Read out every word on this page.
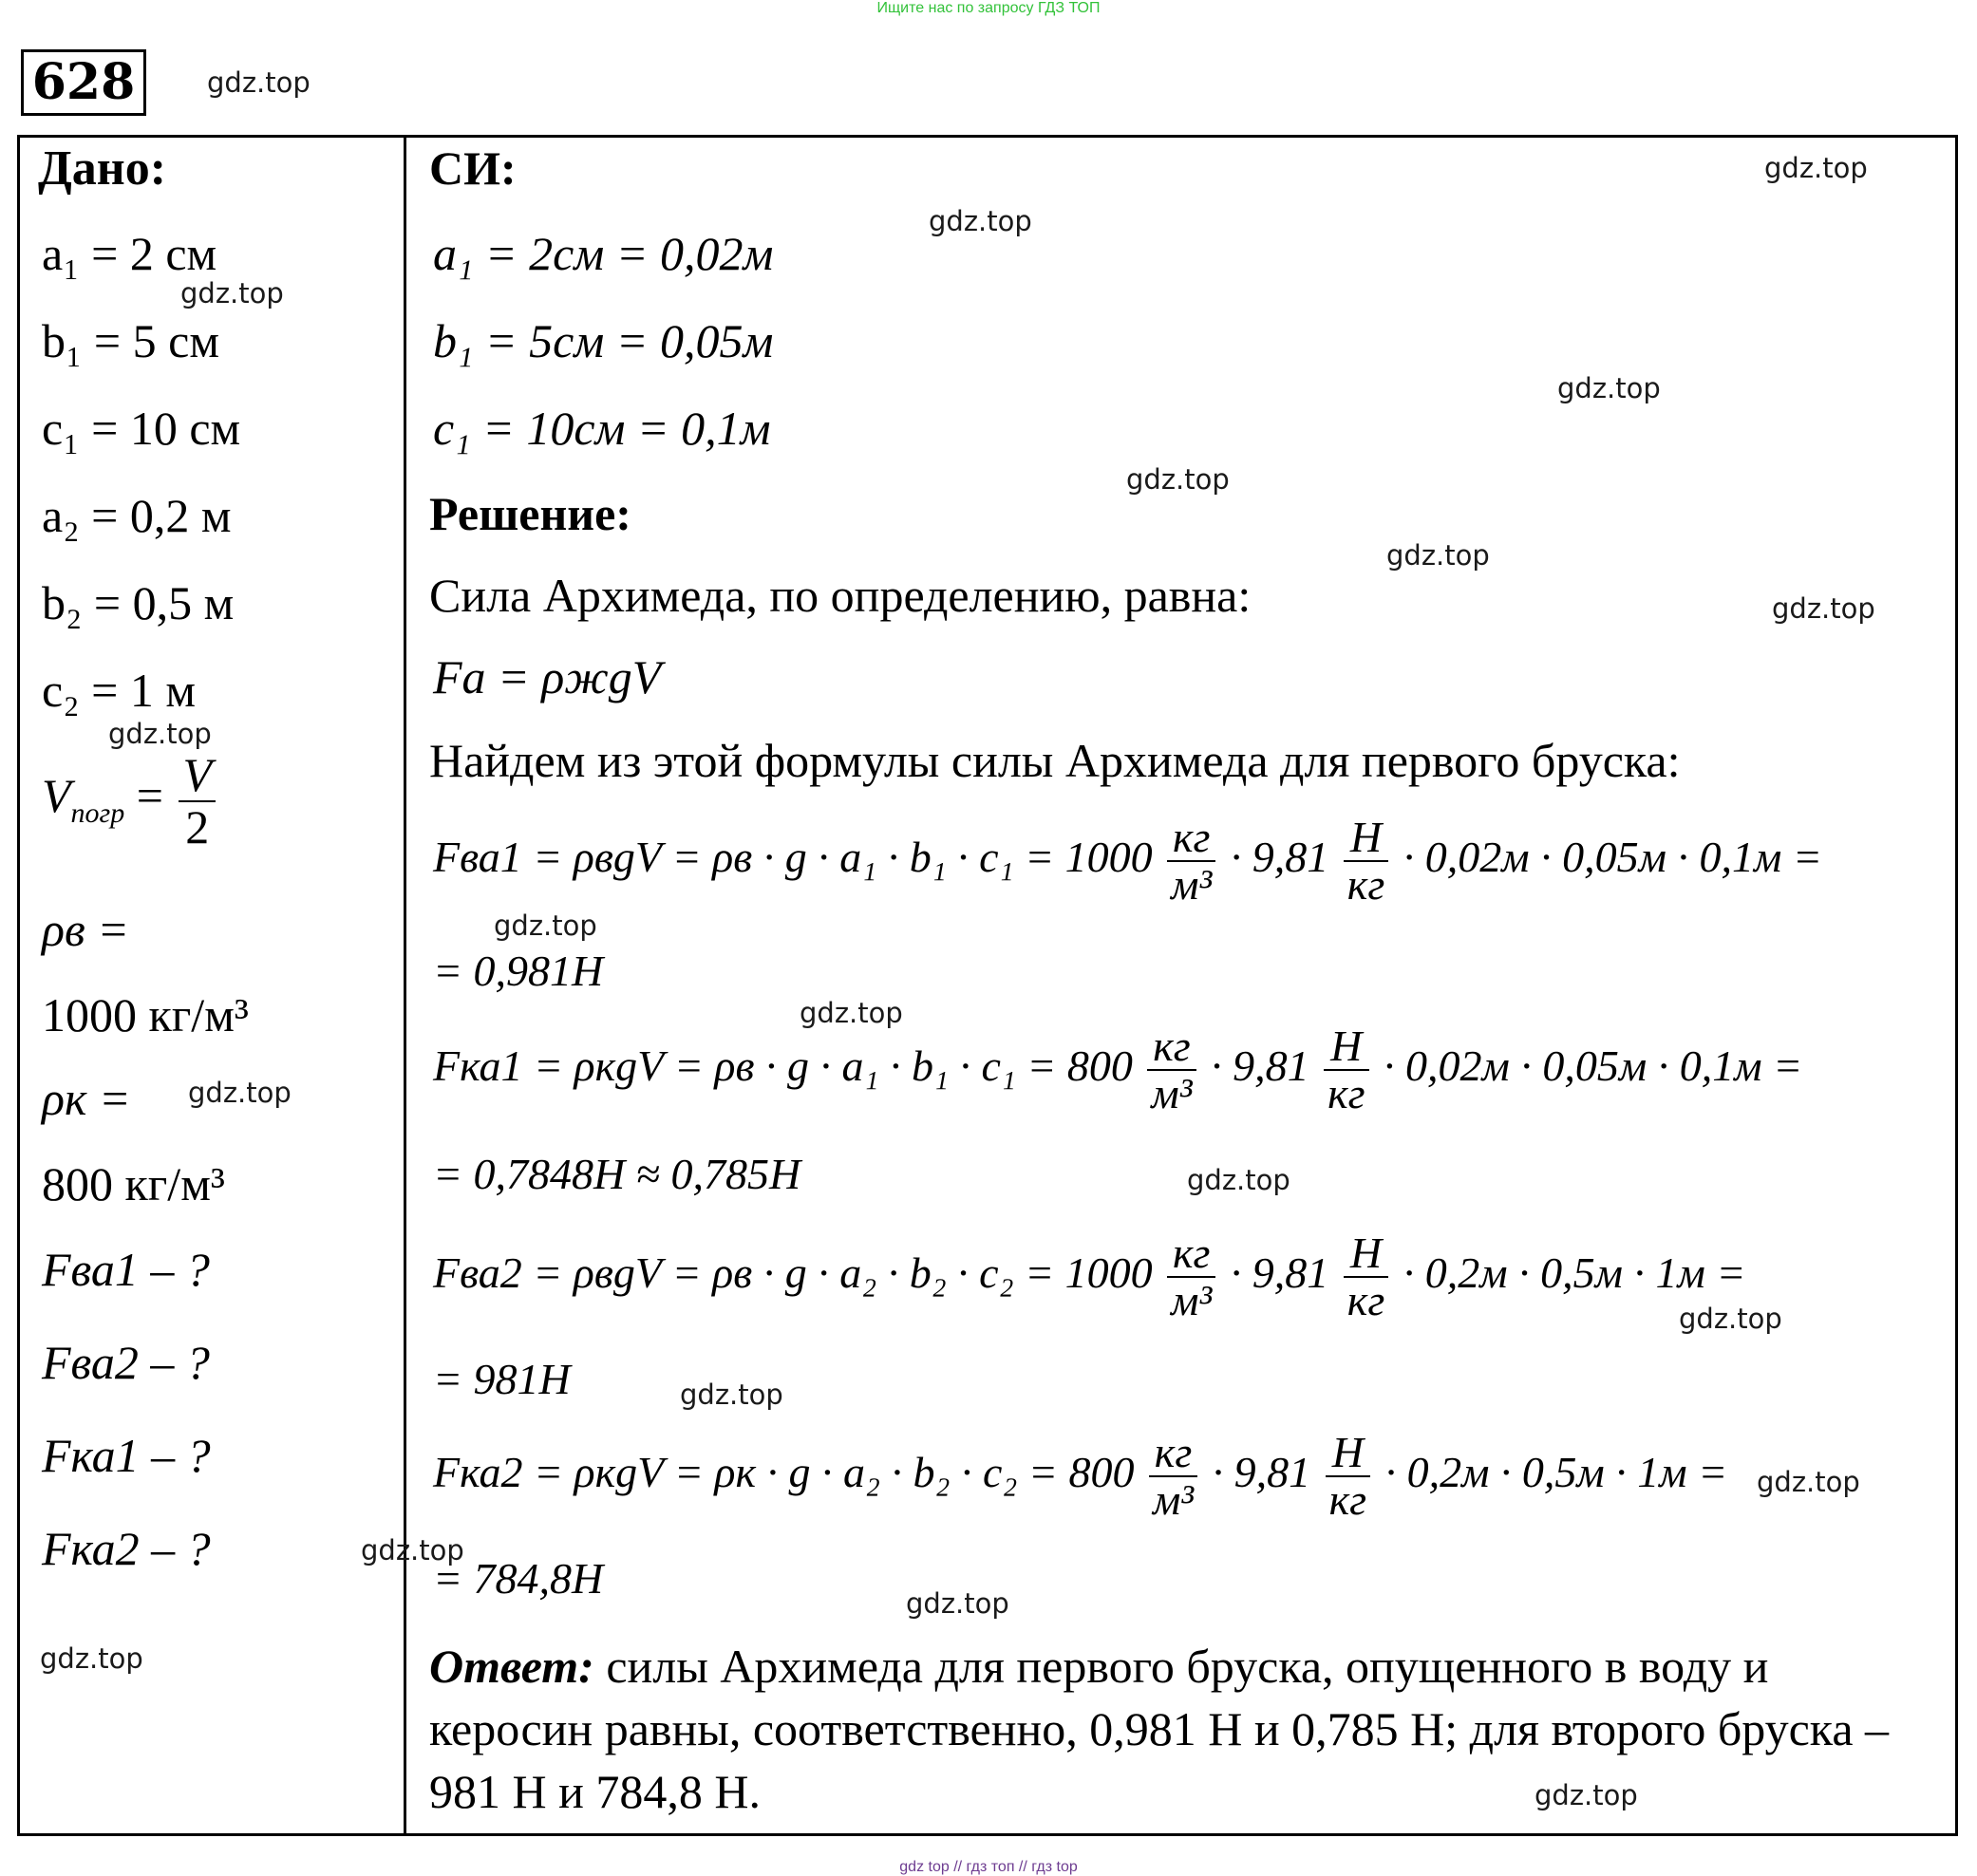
Ищите нас по запросу ГДЗ ТОП
628	gdz.top
Дано:
a₁ = 2 см
b₁ = 5 см
c₁ = 10 см
a₂ = 0,2 м
b₂ = 0,5 м
c₂ = 1 м
$V_{погр} = \frac{V}{2}$
ρв =
1000 кг/м³
ρк =
800 кг/м³
Fва1 – ?
Fва2 – ?
Fка1 – ?
Fка2 – ?
СИ:
a₁ = 2см = 0,02м
b₁ = 5см = 0,05м
c₁ = 10см = 0,1м
Решение:
Сила Архимеда, по определению, равна:
Fа = ρжgV
Найдем из этой формулы силы Архимеда для первого бруска:
$Fва1 = \rho вgV = \rho в \cdot g \cdot a_1 \cdot b_1 \cdot c_1 = 1000 \frac{кг}{\text{м³}} \cdot 9,81 \frac{Н}{кг} \cdot 0,02м \cdot 0,05м \cdot 0,1м$ =
= 0,981Н
$Fка1 = \rho кgV = \rho в \cdot g \cdot a_1 \cdot b_1 \cdot c_1 = 800 \frac{кг}{\text{м³}} \cdot 9,81 \frac{Н}{кг} \cdot 0,02м \cdot 0,05м \cdot 0,1м$ =
= 0,7848Н ≈ 0,785Н
$Fва2 = \rho вgV = \rho в \cdot g \cdot a_2 \cdot b_2 \cdot c_2 = 1000 \frac{кг}{\text{м³}} \cdot 9,81 \frac{Н}{кг} \cdot 0,2м \cdot 0,5м \cdot 1м$ =
= 981Н
$Fка2 = \rho кgV = \rho к \cdot g \cdot a_2 \cdot b_2 \cdot c_2 = 800 \frac{кг}{\text{м³}} \cdot 9,81 \frac{Н}{кг} \cdot 0,2м \cdot 0,5м \cdot 1м$ =
= 784,8Н
Ответ: силы Архимеда для первого бруска, опущенного в воду и керосин равны, соответственно, 0,981 Н и 0,785 Н; для второго бруска – 981 Н и 784,8 Н.
gdz.top
gdz.top
gdz.top
gdz.top
gdz.top
gdz.top
gdz.top
gdz.top
gdz.top
gdz.top
gdz.top
gdz.top
gdz.top
gdz.top
gdz.top
gdz.top
gdz.top
gdz.top
gdz.top
gdz top // гдз топ // гдз top
